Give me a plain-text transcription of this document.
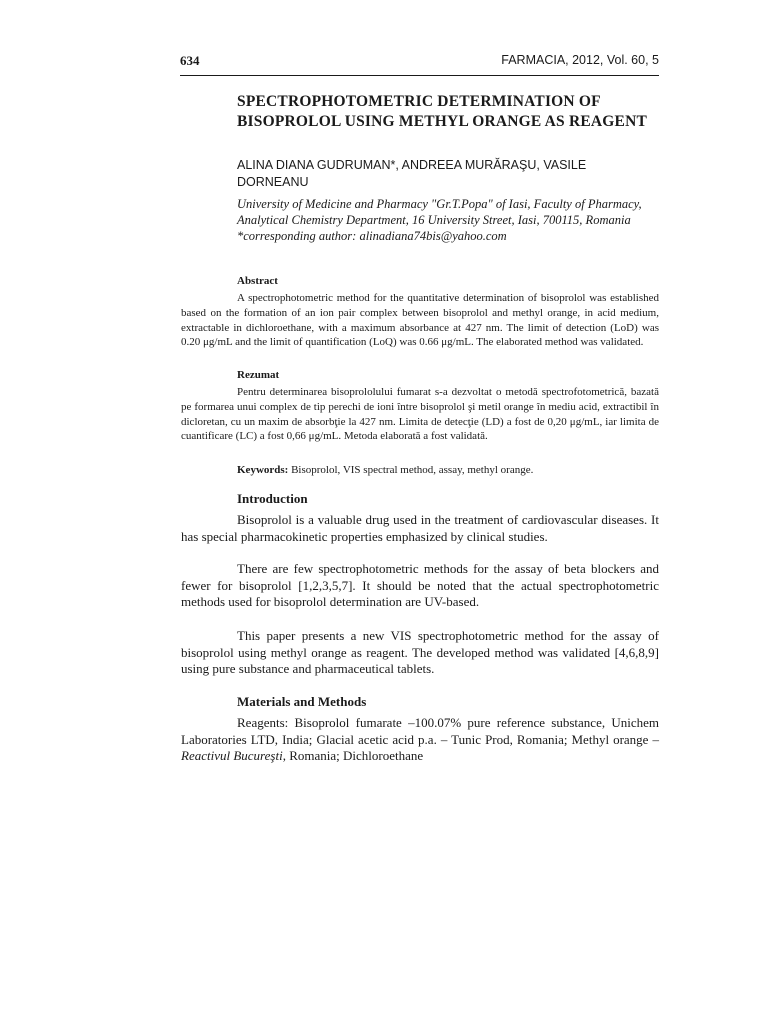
634	FARMACIA, 2012, Vol. 60, 5
SPECTROPHOTOMETRIC DETERMINATION OF BISOPROLOL USING METHYL ORANGE AS REAGENT
ALINA DIANA GUDRUMAN*, ANDREEA MURĂRAŞU, VASILE DORNEANU
University of Medicine and Pharmacy "Gr.T.Popa" of Iasi, Faculty of Pharmacy, Analytical Chemistry Department, 16 University Street, Iasi, 700115, Romania
*corresponding author: alinadiana74bis@yahoo.com
Abstract

A spectrophotometric method for the quantitative determination of bisoprolol was established based on the formation of an ion pair complex between bisoprolol and methyl orange, in acid medium, extractable in dichloroethane, with a maximum absorbance at 427 nm. The limit of detection (LoD) was 0.20 μg/mL and the limit of quantification (LoQ) was 0.66 μg/mL. The elaborated method was validated.

Rezumat

Pentru determinarea bisoprololului fumarat s-a dezvoltat o metodă spectrofotometrică, bazată pe formarea unui complex de tip perechi de ioni între bisoprolol şi metil orange în mediu acid, extractibil în dicloretan, cu un maxim de absorbţie la 427 nm. Limita de detecţie (LD) a fost de 0,20 μg/mL, iar limita de cuantificare (LC) a fost 0,66 μg/mL. Metoda elaborată a fost validată.

Keywords: Bisoprolol, VIS spectral method, assay, methyl orange.
Introduction

Bisoprolol is a valuable drug used in the treatment of cardiovascular diseases. It has special pharmacokinetic properties emphasized by clinical studies.

There are few spectrophotometric methods for the assay of beta blockers and fewer for bisoprolol [1,2,3,5,7]. It should be noted that the actual spectrophotometric methods used for bisoprolol determination are UV-based.

This paper presents a new VIS spectrophotometric method for the assay of bisoprolol using methyl orange as reagent. The developed method was validated [4,6,8,9] using pure substance and pharmaceutical tablets.

Materials and Methods

Reagents: Bisoprolol fumarate –100.07% pure reference substance, Unichem Laboratories LTD, India; Glacial acetic acid p.a. – Tunic Prod, Romania; Methyl orange – Reactivul Bucureşti, Romania; Dichloroethane
